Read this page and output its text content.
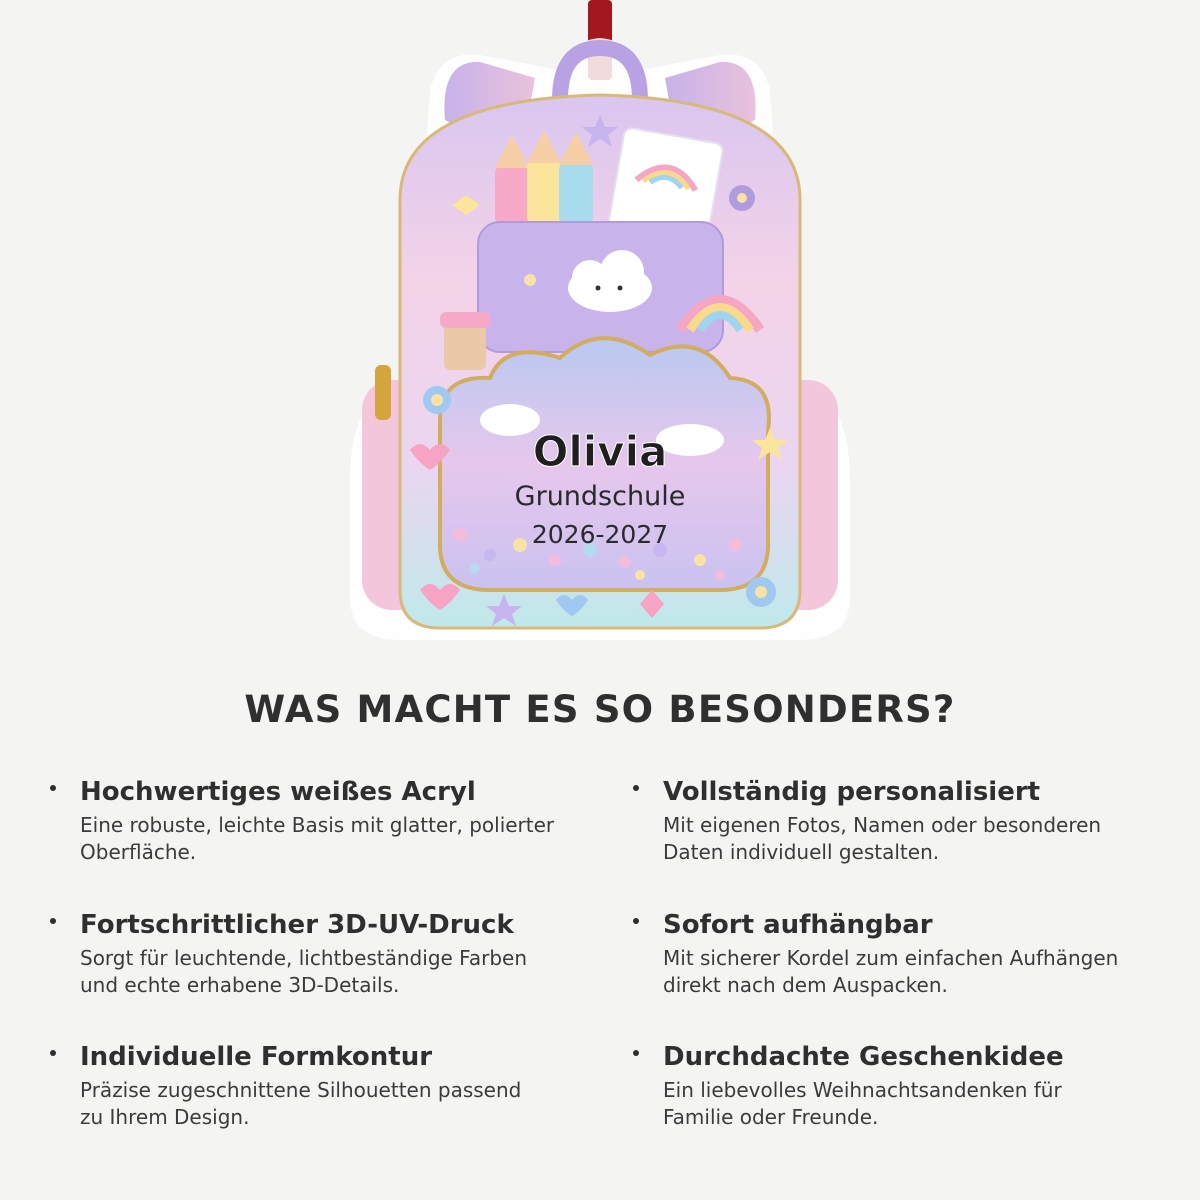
Olivia
Grundschule
2026-2027
WAS MACHT ES SO BESONDERS?
Hochwertiges weißes Acryl
Eine robuste, leichte Basis mit glatter, polierter
Oberfläche.
Vollständig personalisiert
Mit eigenen Fotos, Namen oder besonderen
Daten individuell gestalten.
Fortschrittlicher 3D-UV-Druck
Sorgt für leuchtende, lichtbeständige Farben
und echte erhabene 3D-Details.
Sofort aufhängbar
Mit sicherer Kordel zum einfachen Aufhängen
direkt nach dem Auspacken.
Individuelle Formkontur
Präzise zugeschnittene Silhouetten passend
zu Ihrem Design.
Durchdachte Geschenkidee
Ein liebevolles Weihnachtsandenken für
Familie oder Freunde.
